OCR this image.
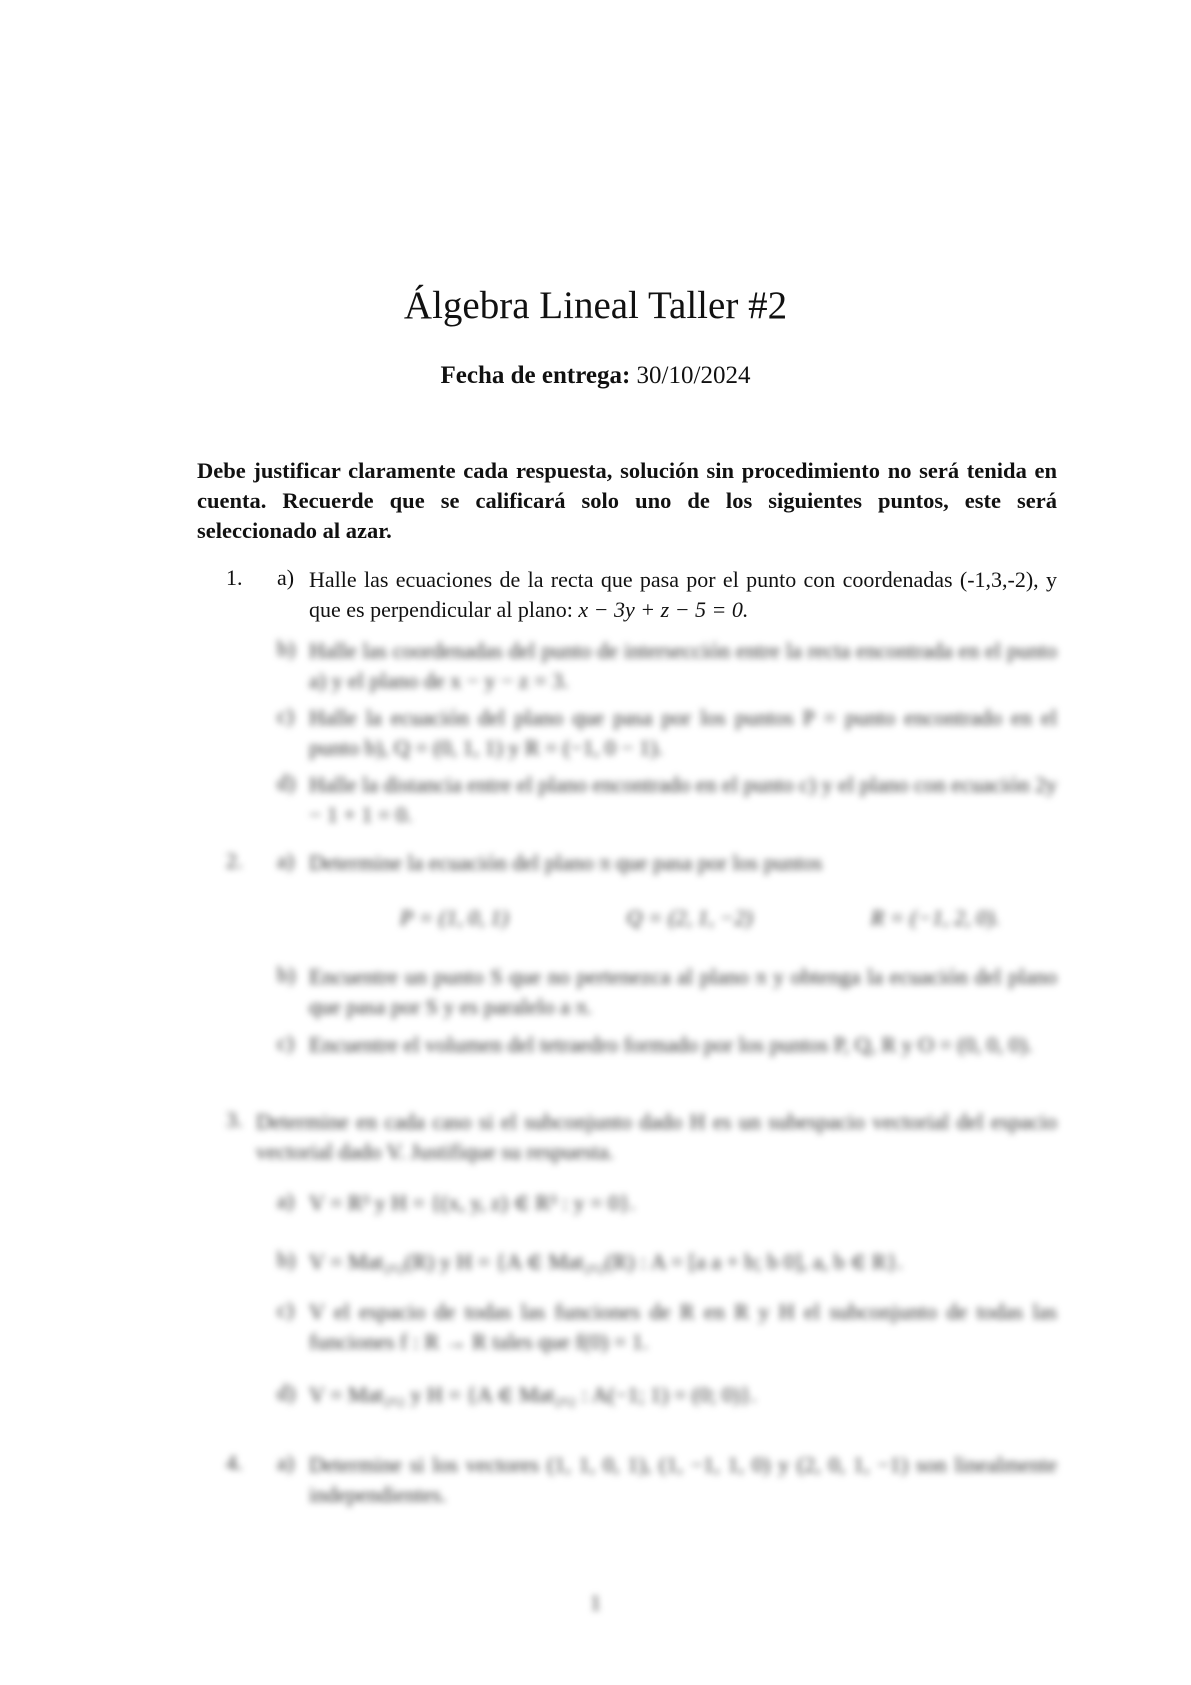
Álgebra Lineal Taller #2
Fecha de entrega: 30/10/2024
Debe justificar claramente cada respuesta, solución sin procedimiento no será tenida en cuenta. Recuerde que se calificará solo uno de los siguientes puntos, este será seleccionado al azar.
1. a) Halle las ecuaciones de la recta que pasa por el punto con coordenadas (-1,3,-2), y que es perpendicular al plano: x − 3y + z − 5 = 0.
b) Halle las coordenadas del punto de intersección entre la recta encontrada en el punto a) y el plano de x − y − z = 3.
c) Halle la ecuación del plano que pasa por los puntos P = punto encontrado en el punto b), Q = (0, 1, 1) y R = (−1, 0 − 1).
d) Halle la distancia entre el plano encontrado en el punto c) y el plano con ecuación 2y − 1 + 1 = 0.
2. a) Determine la ecuación del plano π que pasa por los puntos
P = (1, 0, 1)	Q = (2, 1, −2)	R = (−1, 2, 0).
b) Encuentre un punto S que no pertenezca al plano π y obtenga la ecuación del plano que pasa por S y es paralelo a π.
c) Encuentre el volumen del tetraedro formado por los puntos P, Q, R y O = (0, 0, 0).
3. Determine en cada caso si el subconjunto dado H es un subespacio vectorial del espacio vectorial dado V. Justifique su respuesta.
a) V = R³ y H = {(x, y, z) ∈ R³ : y = 0}.
b) V = Mat₂ₓ₂(R) y H = {A ∈ Mat₂ₓ₂(R) : A = [a a + b; b 0], a, b ∈ R}.
c) V el espacio de todas las funciones de R en R y H el subconjunto de todas las funciones f : R → R tales que f(0) = 1.
d) V = Mat₂ₓ₂ y H = {A ∈ Mat₂ₓ₂ : A(−1; 1) = (0; 0)}.
4. a) Determine si los vectores (1, 1, 0, 1), (1, −1, 1, 0) y (2, 0, 1, −1) son linealmente independientes.
1
